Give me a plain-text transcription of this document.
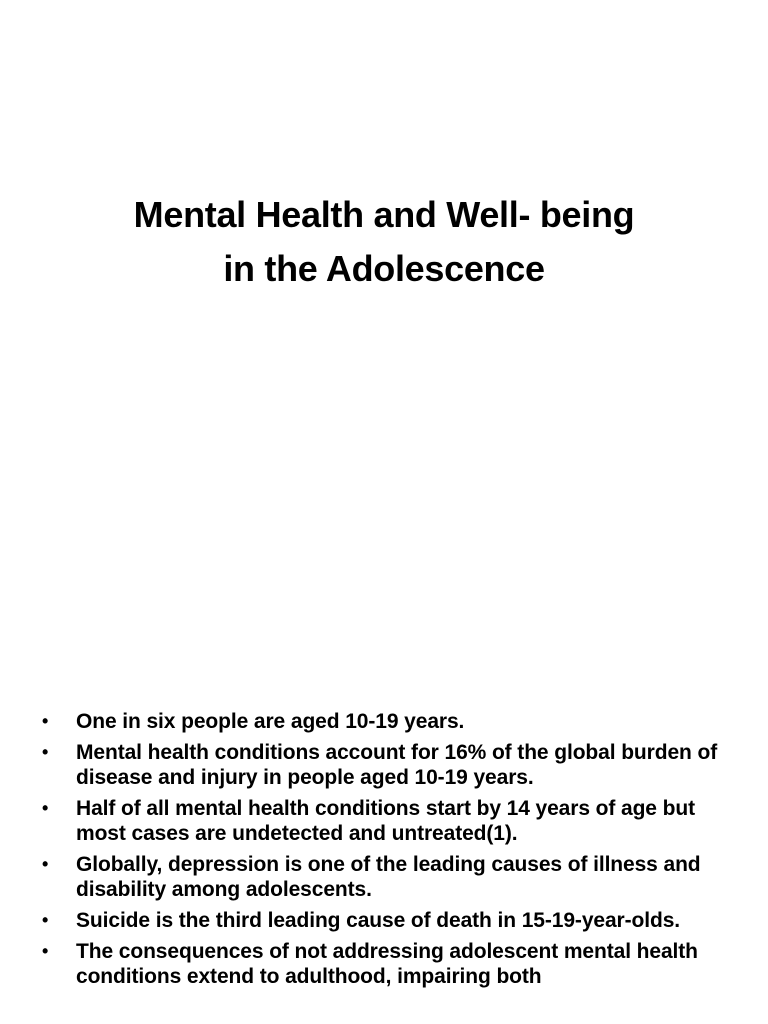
Mental Health and Well- being
in the Adolescence
•	One in six people are aged 10-19 years.
•	Mental health conditions account for 16% of the global burden of disease and injury in people aged 10-19 years.
•	Half of all mental health conditions start by 14 years of age but most cases are undetected and untreated(1).
•	Globally, depression is one of the leading causes of illness and disability among adolescents.
•	Suicide is the third leading cause of death in 15-19-year-olds.
•	The consequences of not addressing adolescent mental health conditions extend to adulthood, impairing both
